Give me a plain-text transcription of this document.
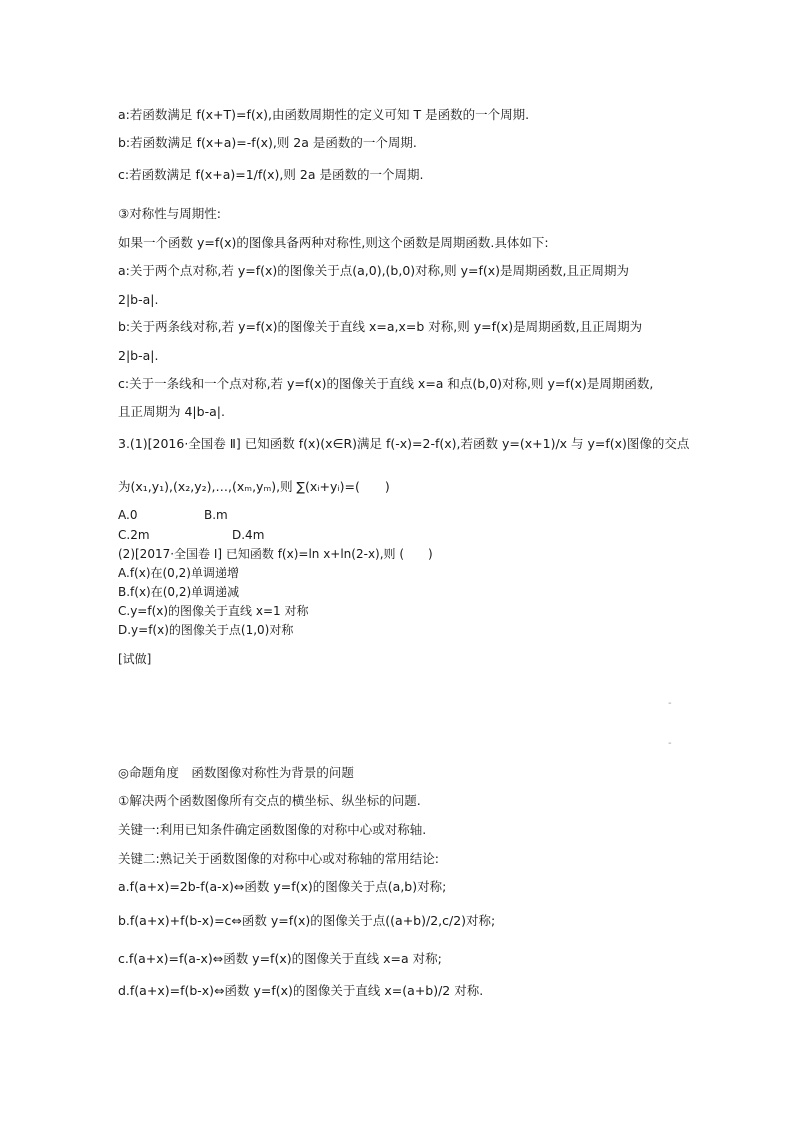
a:若函数满足 f(x+T)=f(x),由函数周期性的定义可知 T 是函数的一个周期.
b:若函数满足 f(x+a)=-f(x),则 2a 是函数的一个周期.
c:若函数满足 f(x+a)=1/f(x),则 2a 是函数的一个周期.
③对称性与周期性:
如果一个函数 y=f(x)的图像具备两种对称性,则这个函数是周期函数.具体如下:
a:关于两个点对称,若 y=f(x)的图像关于点(a,0),(b,0)对称,则 y=f(x)是周期函数,且正周期为
2|b-a|.
b:关于两条线对称,若 y=f(x)的图像关于直线 x=a,x=b 对称,则 y=f(x)是周期函数,且正周期为
2|b-a|.
c:关于一条线和一个点对称,若 y=f(x)的图像关于直线 x=a 和点(b,0)对称,则 y=f(x)是周期函数,
且正周期为 4|b-a|.
3.(1)[2016·全国卷 Ⅱ] 已知函数 f(x)(x∈R)满足 f(-x)=2-f(x),若函数 y=(x+1)/x 与 y=f(x)图像的交点
为(x₁,y₁),(x₂,y₂),…,(xₘ,yₘ),则 ∑(xᵢ+yᵢ)=(　　)
A.0	B.m
C.2m	D.4m
(2)[2017·全国卷 Ⅰ] 已知函数 f(x)=ln x+ln(2-x),则 (　　)
A.f(x)在(0,2)单调递增
B.f(x)在(0,2)单调递减
C.y=f(x)的图像关于直线 x=1 对称
D.y=f(x)的图像关于点(1,0)对称
[试做]
-
-
◎命题角度　函数图像对称性为背景的问题
①解决两个函数图像所有交点的横坐标、纵坐标的问题.
关键一:利用已知条件确定函数图像的对称中心或对称轴.
关键二:熟记关于函数图像的对称中心或对称轴的常用结论:
a.f(a+x)=2b-f(a-x)⇔函数 y=f(x)的图像关于点(a,b)对称;
b.f(a+x)+f(b-x)=c⇔函数 y=f(x)的图像关于点((a+b)/2,c/2)对称;
c.f(a+x)=f(a-x)⇔函数 y=f(x)的图像关于直线 x=a 对称;
d.f(a+x)=f(b-x)⇔函数 y=f(x)的图像关于直线 x=(a+b)/2 对称.
